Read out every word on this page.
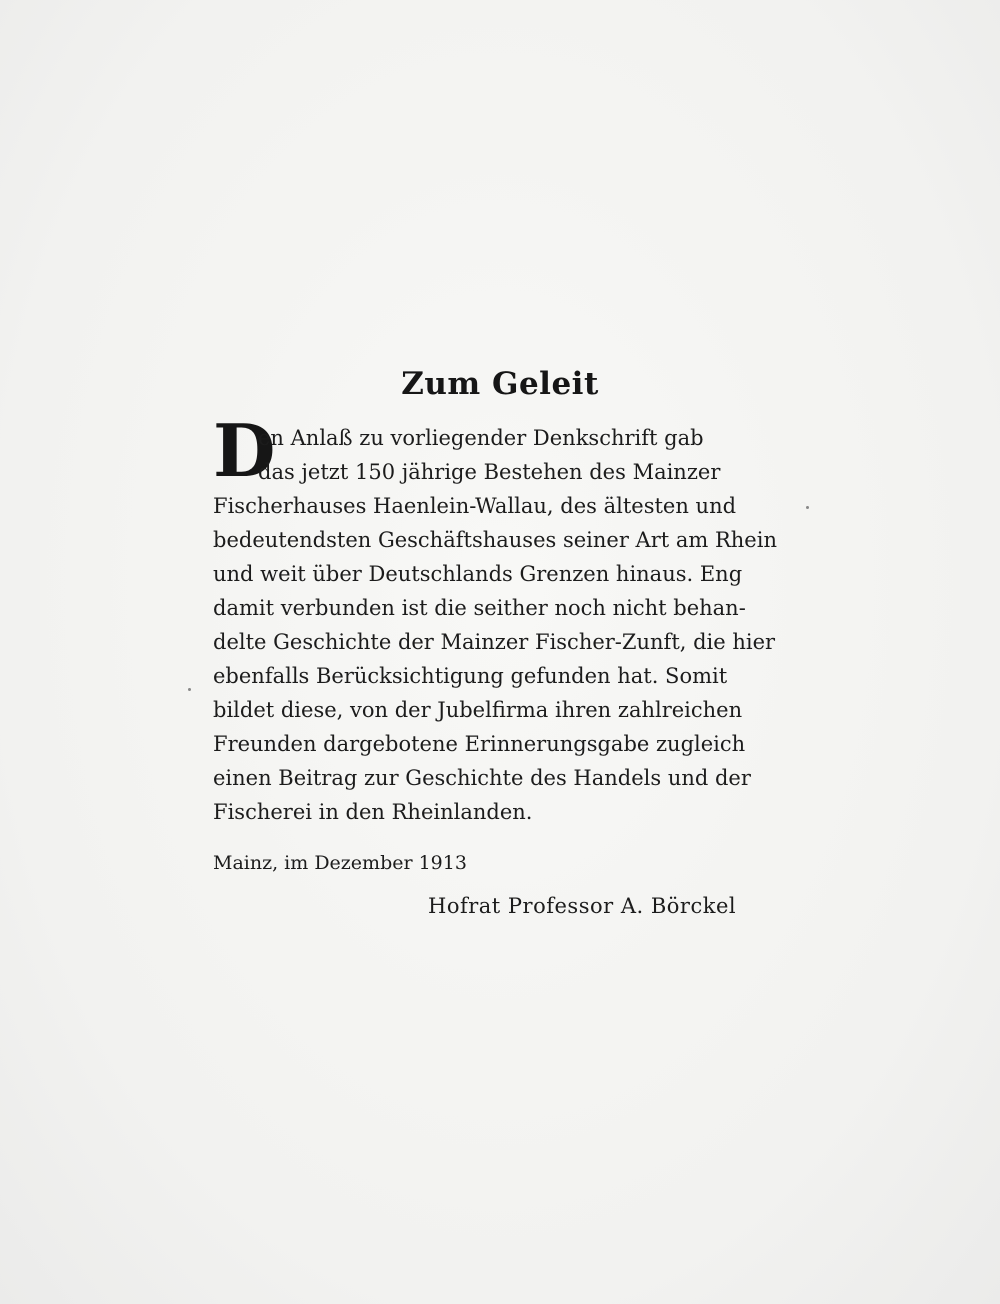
Zum Geleit
D
en Anlaß zu vorliegender Denkschrift gab
das jetzt 150 jährige Bestehen des Mainzer
Fischerhauses Haenlein-Wallau, des ältesten und
bedeutendsten Geschäftshauses seiner Art am Rhein
und weit über Deutschlands Grenzen hinaus. Eng
damit verbunden ist die seither noch nicht behan-
delte Geschichte der Mainzer Fischer-Zunft, die hier
ebenfalls Berücksichtigung gefunden hat. Somit
bildet diese, von der Jubelfirma ihren zahlreichen
Freunden dargebotene Erinnerungsgabe zugleich
einen Beitrag zur Geschichte des Handels und der
Fischerei in den Rheinlanden.
Mainz, im Dezember 1913
Hofrat Professor A. Börckel
